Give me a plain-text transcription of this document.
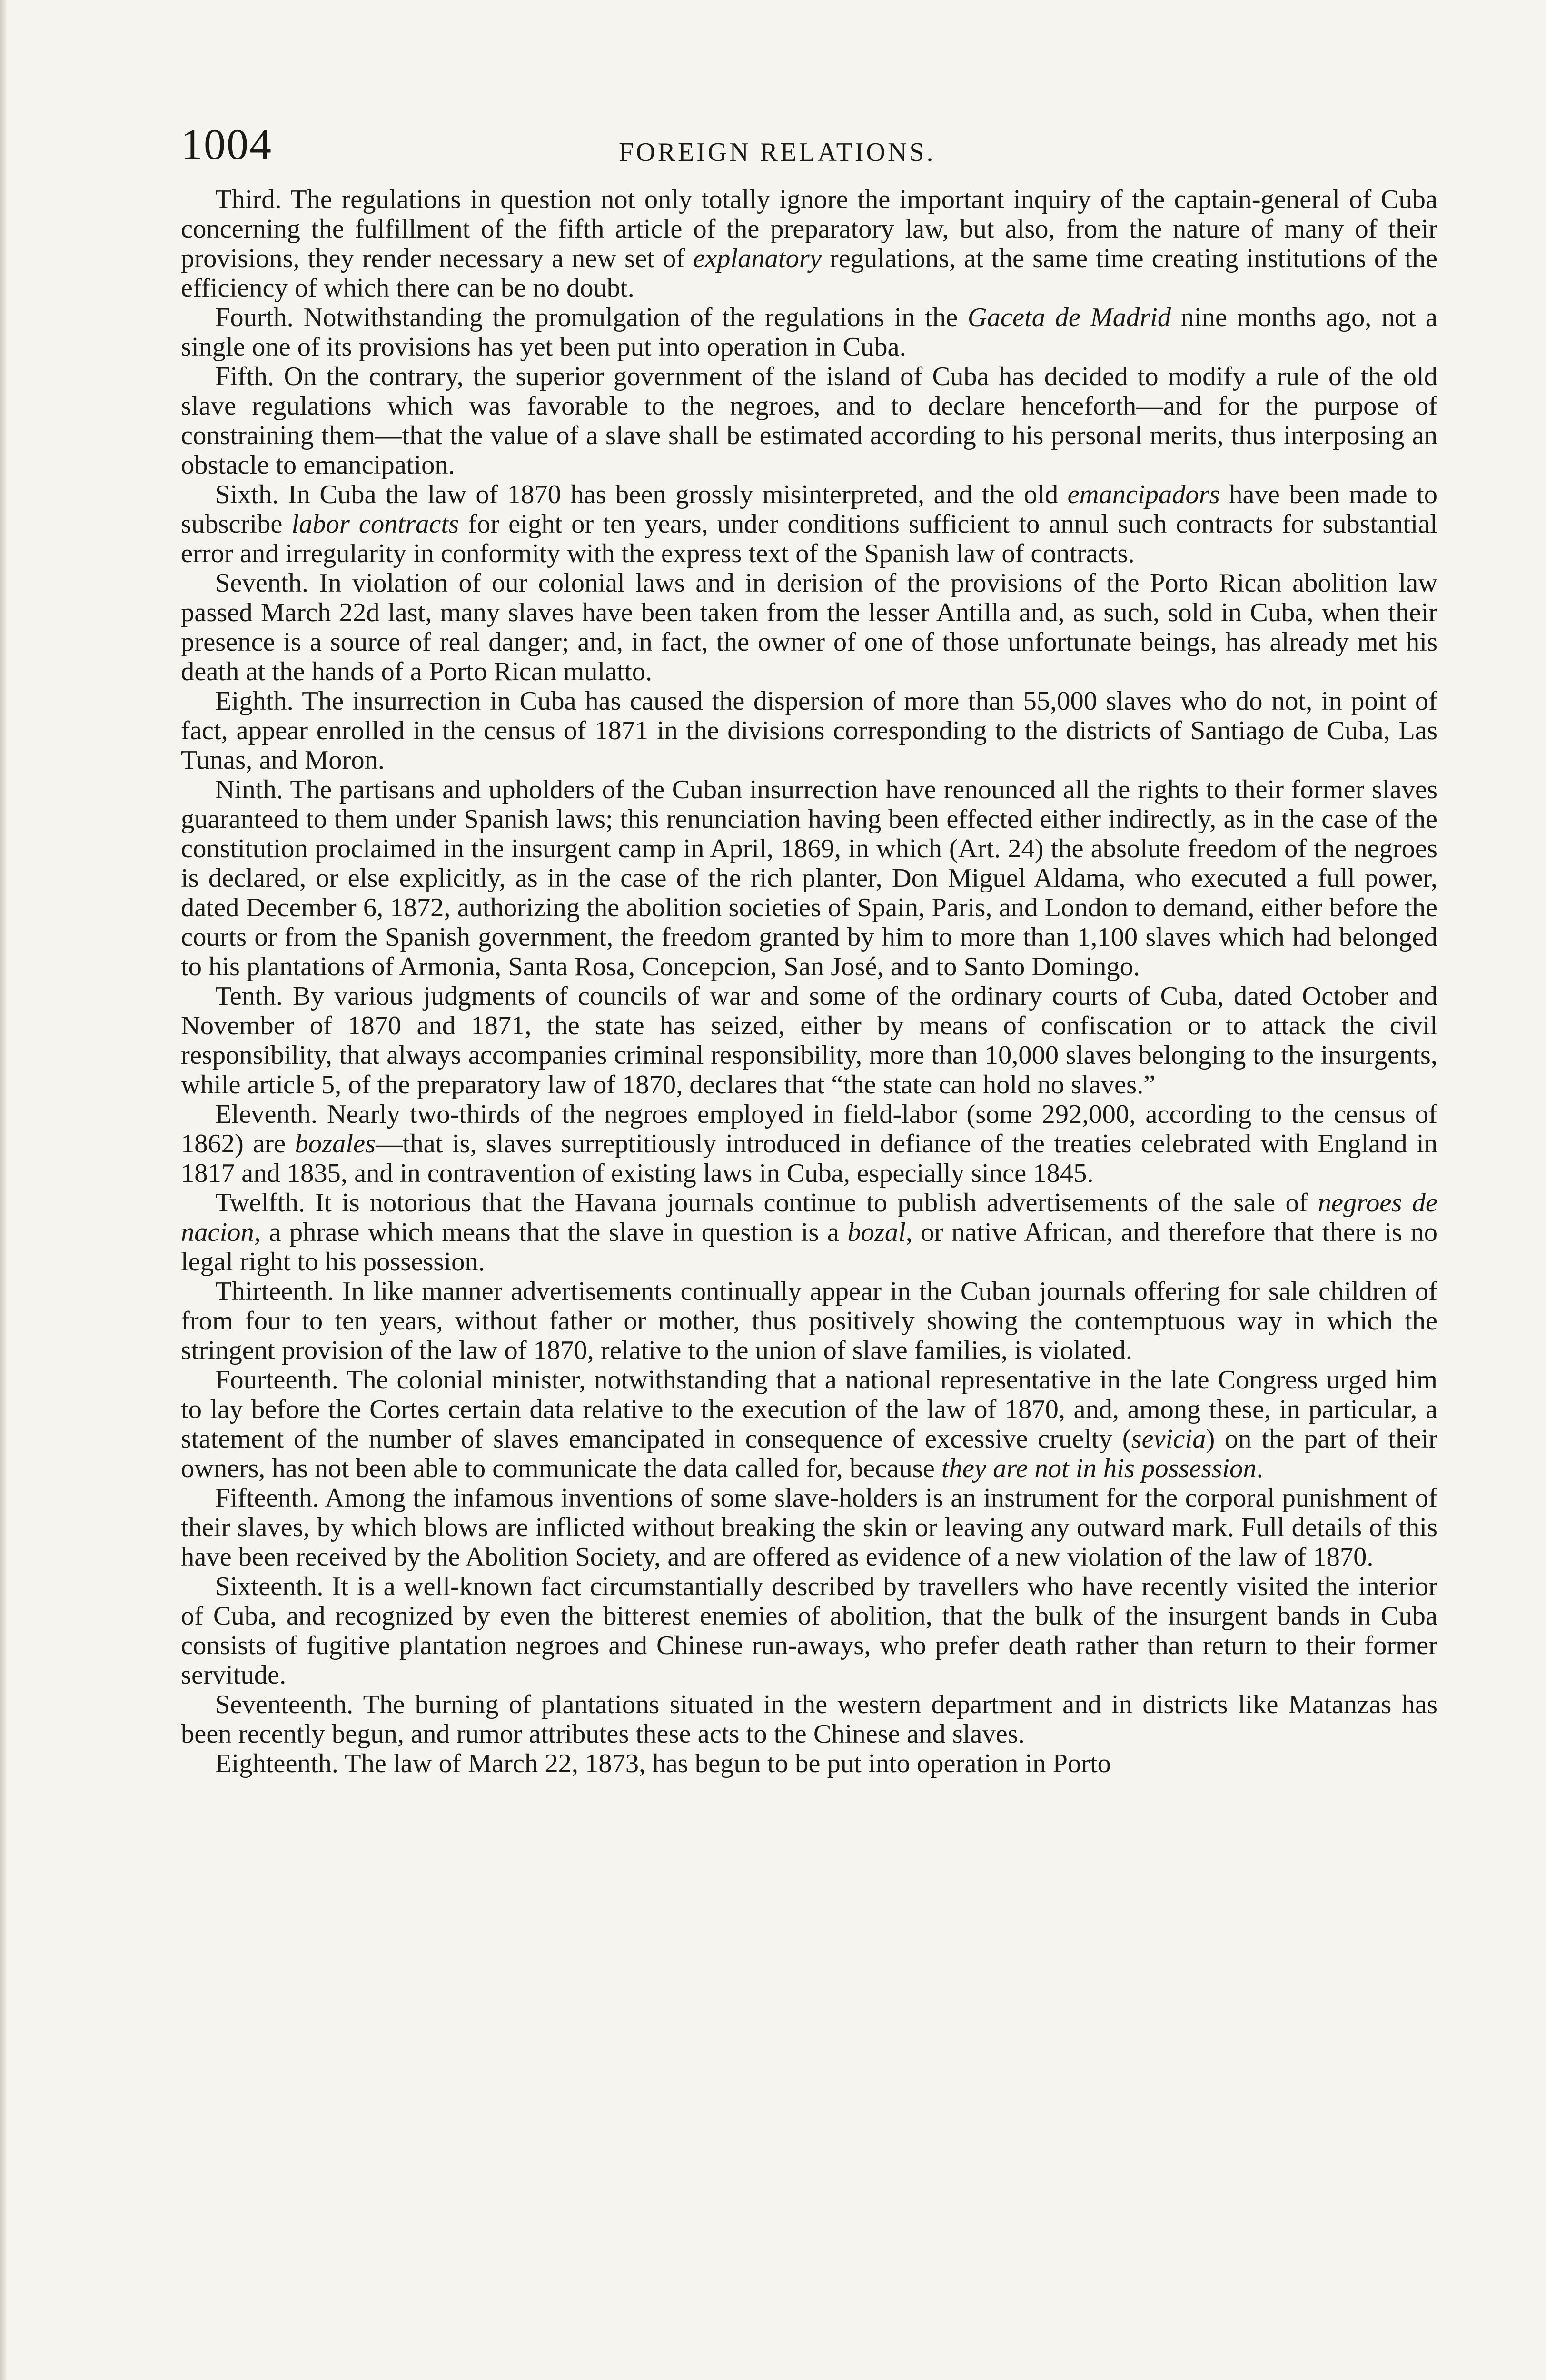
1004	FOREIGN RELATIONS.

Third. The regulations in question not only totally ignore the important inquiry of the captain-general of Cuba concerning the fulfillment of the fifth article of the preparatory law, but also, from the nature of many of their provisions, they render necessary a new set of explanatory regulations, at the same time creating institutions of the efficiency of which there can be no doubt.

Fourth. Notwithstanding the promulgation of the regulations in the Gaceta de Madrid nine months ago, not a single one of its provisions has yet been put into operation in Cuba.

Fifth. On the contrary, the superior government of the island of Cuba has decided to modify a rule of the old slave regulations which was favorable to the negroes, and to declare henceforth—and for the purpose of constraining them—that the value of a slave shall be estimated according to his personal merits, thus interposing an obstacle to emancipation.

Sixth. In Cuba the law of 1870 has been grossly misinterpreted, and the old emancipadors have been made to subscribe labor contracts for eight or ten years, under conditions sufficient to annul such contracts for substantial error and irregularity in conformity with the express text of the Spanish law of contracts.

Seventh. In violation of our colonial laws and in derision of the provisions of the Porto Rican abolition law passed March 22d last, many slaves have been taken from the lesser Antilla and, as such, sold in Cuba, when their presence is a source of real danger; and, in fact, the owner of one of those unfortunate beings, has already met his death at the hands of a Porto Rican mulatto.

Eighth. The insurrection in Cuba has caused the dispersion of more than 55,000 slaves who do not, in point of fact, appear enrolled in the census of 1871 in the divisions corresponding to the districts of Santiago de Cuba, Las Tunas, and Moron.

Ninth. The partisans and upholders of the Cuban insurrection have renounced all the rights to their former slaves guaranteed to them under Spanish laws; this renunciation having been effected either indirectly, as in the case of the constitution proclaimed in the insurgent camp in April, 1869, in which (Art. 24) the absolute freedom of the negroes is declared, or else explicitly, as in the case of the rich planter, Don Miguel Aldama, who executed a full power, dated December 6, 1872, authorizing the abolition societies of Spain, Paris, and London to demand, either before the courts or from the Spanish government, the freedom granted by him to more than 1,100 slaves which had belonged to his plantations of Armonia, Santa Rosa, Concepcion, San José, and to Santo Domingo.

Tenth. By various judgments of councils of war and some of the ordinary courts of Cuba, dated October and November of 1870 and 1871, the state has seized, either by means of confiscation or to attack the civil responsibility, that always accompanies criminal responsibility, more than 10,000 slaves belonging to the insurgents, while article 5, of the preparatory law of 1870, declares that “the state can hold no slaves.”

Eleventh. Nearly two-thirds of the negroes employed in field-labor (some 292,000, according to the census of 1862) are bozales—that is, slaves surreptitiously introduced in defiance of the treaties celebrated with England in 1817 and 1835, and in contravention of existing laws in Cuba, especially since 1845.

Twelfth. It is notorious that the Havana journals continue to publish advertisements of the sale of negroes de nacion, a phrase which means that the slave in question is a bozal, or native African, and therefore that there is no legal right to his possession.

Thirteenth. In like manner advertisements continually appear in the Cuban journals offering for sale children of from four to ten years, without father or mother, thus positively showing the contemptuous way in which the stringent provision of the law of 1870, relative to the union of slave families, is violated.

Fourteenth. The colonial minister, notwithstanding that a national representative in the late Congress urged him to lay before the Cortes certain data relative to the execution of the law of 1870, and, among these, in particular, a statement of the number of slaves emancipated in consequence of excessive cruelty (sevicia) on the part of their owners, has not been able to communicate the data called for, because they are not in his possession.

Fifteenth. Among the infamous inventions of some slave-holders is an instrument for the corporal punishment of their slaves, by which blows are inflicted without breaking the skin or leaving any outward mark. Full details of this have been received by the Abolition Society, and are offered as evidence of a new violation of the law of 1870.

Sixteenth. It is a well-known fact circumstantially described by travellers who have recently visited the interior of Cuba, and recognized by even the bitterest enemies of abolition, that the bulk of the insurgent bands in Cuba consists of fugitive plantation negroes and Chinese run-aways, who prefer death rather than return to their former servitude.

Seventeenth. The burning of plantations situated in the western department and in districts like Matanzas has been recently begun, and rumor attributes these acts to the Chinese and slaves.

Eighteenth. The law of March 22, 1873, has begun to be put into operation in Porto
